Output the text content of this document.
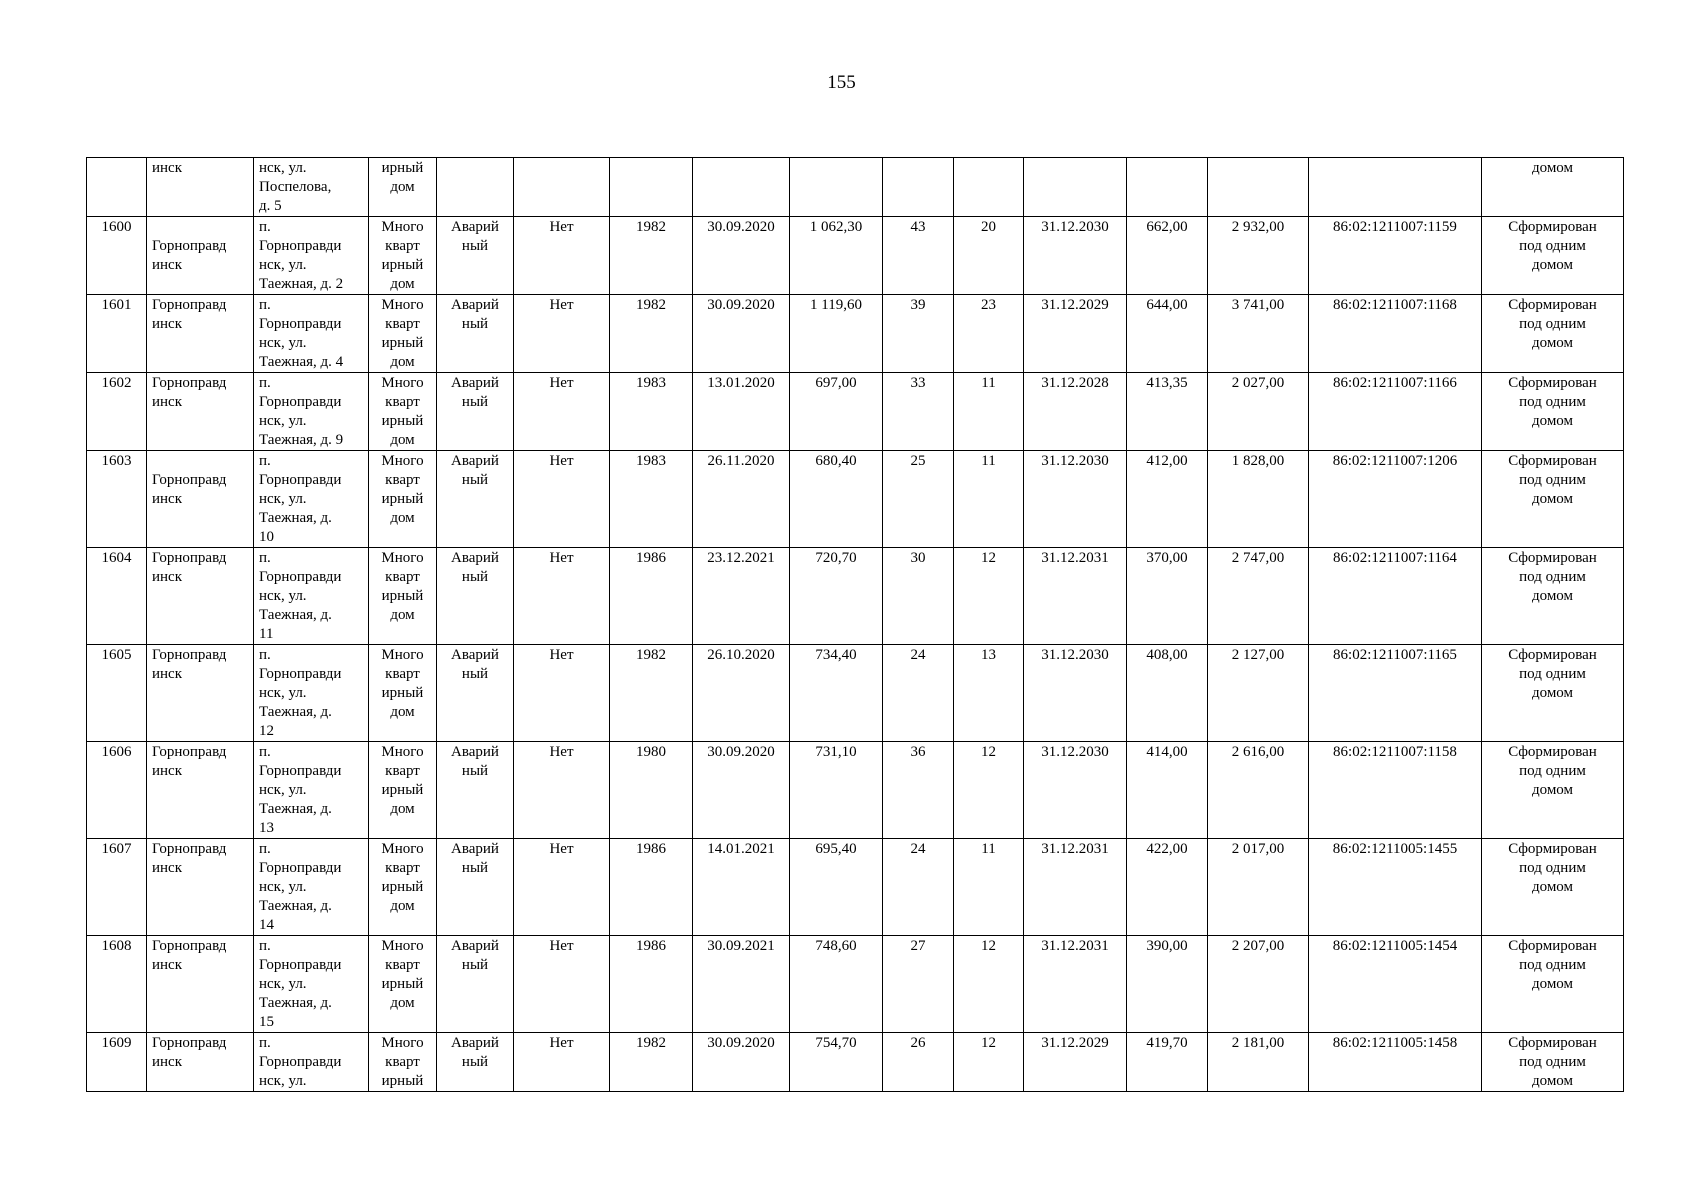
155
	инск	нск, ул.
Поспелова,
д. 5	ирный
дом												домом
1600	
Горноправд
инск	п.
Горноправди
нск, ул.
Таежная, д. 2	Много
кварт
ирный
дом	Аварий
ный	Нет	1982	30.09.2020	1 062,30	43	20	31.12.2030	662,00	2 932,00	86:02:1211007:1159	Сформирован
под одним
домом
1601	Горноправд
инск	п.
Горноправди
нск, ул.
Таежная, д. 4	Много
кварт
ирный
дом	Аварий
ный	Нет	1982	30.09.2020	1 119,60	39	23	31.12.2029	644,00	3 741,00	86:02:1211007:1168	Сформирован
под одним
домом
1602	Горноправд
инск	п.
Горноправди
нск, ул.
Таежная, д. 9	Много
кварт
ирный
дом	Аварий
ный	Нет	1983	13.01.2020	697,00	33	11	31.12.2028	413,35	2 027,00	86:02:1211007:1166	Сформирован
под одним
домом
1603	
Горноправд
инск	п.
Горноправди
нск, ул.
Таежная, д.
10	Много
кварт
ирный
дом	Аварий
ный	Нет	1983	26.11.2020	680,40	25	11	31.12.2030	412,00	1 828,00	86:02:1211007:1206	Сформирован
под одним
домом
1604	Горноправд
инск	п.
Горноправди
нск, ул.
Таежная, д.
11	Много
кварт
ирный
дом	Аварий
ный	Нет	1986	23.12.2021	720,70	30	12	31.12.2031	370,00	2 747,00	86:02:1211007:1164	Сформирован
под одним
домом
1605	Горноправд
инск	п.
Горноправди
нск, ул.
Таежная, д.
12	Много
кварт
ирный
дом	Аварий
ный	Нет	1982	26.10.2020	734,40	24	13	31.12.2030	408,00	2 127,00	86:02:1211007:1165	Сформирован
под одним
домом
1606	Горноправд
инск	п.
Горноправди
нск, ул.
Таежная, д.
13	Много
кварт
ирный
дом	Аварий
ный	Нет	1980	30.09.2020	731,10	36	12	31.12.2030	414,00	2 616,00	86:02:1211007:1158	Сформирован
под одним
домом
1607	Горноправд
инск	п.
Горноправди
нск, ул.
Таежная, д.
14	Много
кварт
ирный
дом	Аварий
ный	Нет	1986	14.01.2021	695,40	24	11	31.12.2031	422,00	2 017,00	86:02:1211005:1455	Сформирован
под одним
домом
1608	Горноправд
инск	п.
Горноправди
нск, ул.
Таежная, д.
15	Много
кварт
ирный
дом	Аварий
ный	Нет	1986	30.09.2021	748,60	27	12	31.12.2031	390,00	2 207,00	86:02:1211005:1454	Сформирован
под одним
домом
1609	Горноправд
инск	п.
Горноправди
нск, ул.	Много
кварт
ирный	Аварий
ный	Нет	1982	30.09.2020	754,70	26	12	31.12.2029	419,70	2 181,00	86:02:1211005:1458	Сформирован
под одним
домом
